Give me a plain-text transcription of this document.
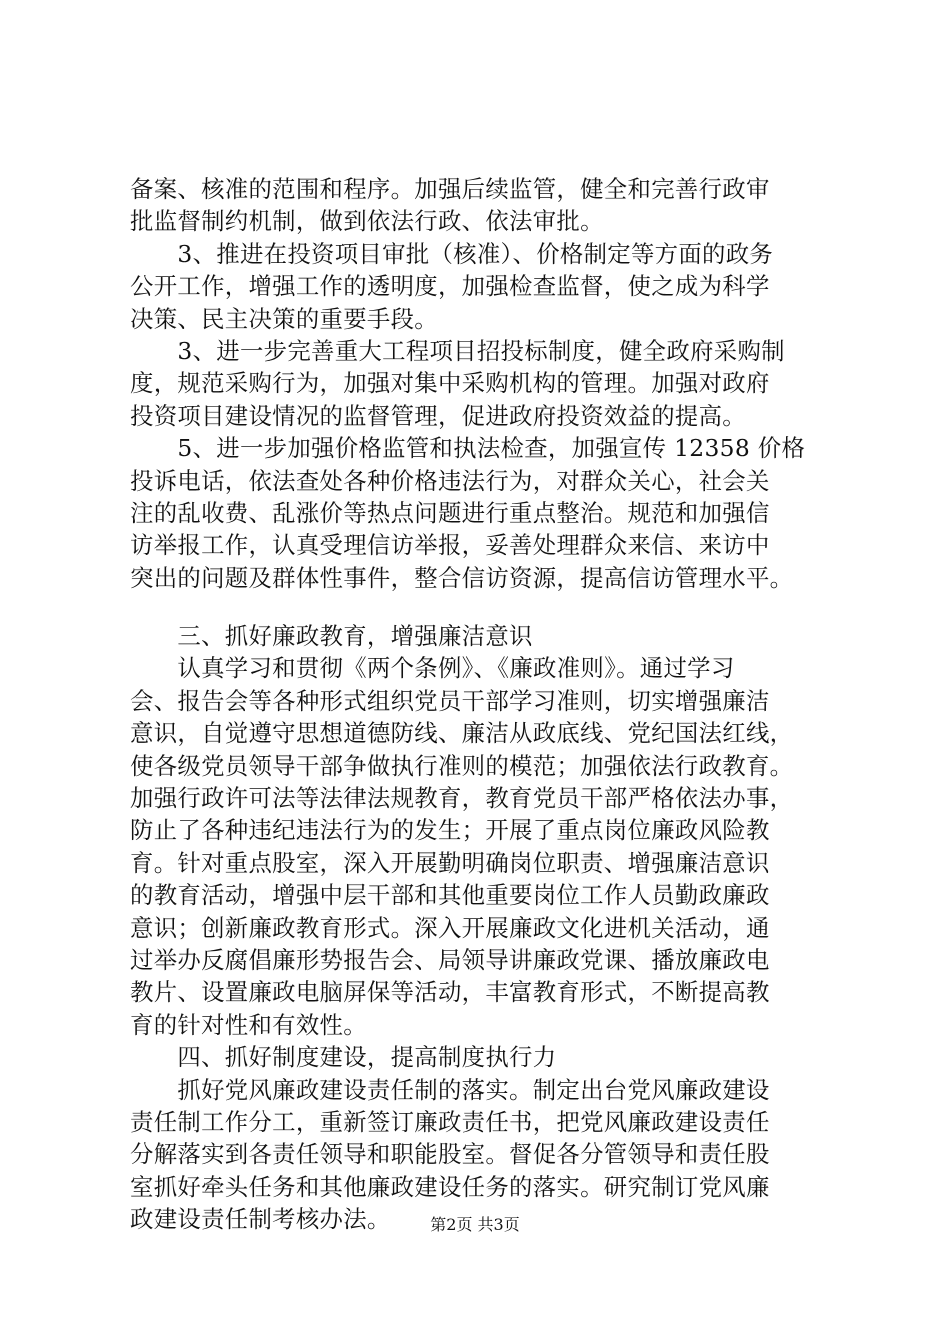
备案、核准的范围和程序。加强后续监管，健全和完善行政审
批监督制约机制，做到依法行政、依法审批。
　　3、推进在投资项目审批（核准）、价格制定等方面的政务
公开工作，增强工作的透明度，加强检查监督，使之成为科学
决策、民主决策的重要手段。
　　3、进一步完善重大工程项目招投标制度，健全政府采购制
度，规范采购行为，加强对集中采购机构的管理。加强对政府
投资项目建设情况的监督管理，促进政府投资效益的提高。
　　5、进一步加强价格监管和执法检查，加强宣传 12358 价格
投诉电话，依法查处各种价格违法行为，对群众关心，社会关
注的乱收费、乱涨价等热点问题进行重点整治。规范和加强信
访举报工作，认真受理信访举报，妥善处理群众来信、来访中
突出的问题及群体性事件，整合信访资源，提高信访管理水平。
　　三、抓好廉政教育，增强廉洁意识
　　认真学习和贯彻《两个条例》、《廉政准则》。通过学习
会、报告会等各种形式组织党员干部学习准则，切实增强廉洁
意识，自觉遵守思想道德防线、廉洁从政底线、党纪国法红线，
使各级党员领导干部争做执行准则的模范；加强依法行政教育。
加强行政许可法等法律法规教育，教育党员干部严格依法办事，
防止了各种违纪违法行为的发生；开展了重点岗位廉政风险教
育。针对重点股室，深入开展勤明确岗位职责、增强廉洁意识
的教育活动，增强中层干部和其他重要岗位工作人员勤政廉政
意识；创新廉政教育形式。深入开展廉政文化进机关活动，通
过举办反腐倡廉形势报告会、局领导讲廉政党课、播放廉政电
教片、设置廉政电脑屏保等活动，丰富教育形式，不断提高教
育的针对性和有效性。
　　四、抓好制度建设，提高制度执行力
　　抓好党风廉政建设责任制的落实。制定出台党风廉政建设
责任制工作分工，重新签订廉政责任书，把党风廉政建设责任
分解落实到各责任领导和职能股室。督促各分管领导和责任股
室抓好牵头任务和其他廉政建设任务的落实。研究制订党风廉
政建设责任制考核办法。	第2页 共3页
